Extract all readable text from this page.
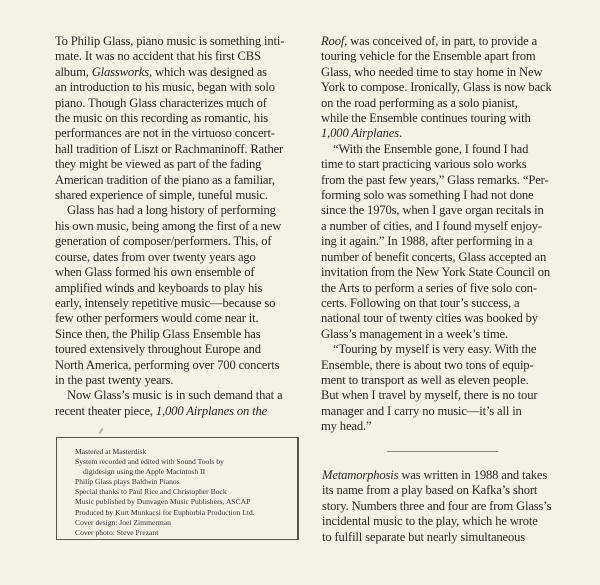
To Philip Glass, piano music is something inti-
mate. It was no accident that his first CBS
album, Glassworks, which was designed as
an introduction to his music, began with solo
piano. Though Glass characterizes much of
the music on this recording as romantic, his
performances are not in the virtuoso concert-
hall tradition of Liszt or Rachmaninoff. Rather
they might be viewed as part of the fading
American tradition of the piano as a familiar,
shared experience of simple, tuneful music.
Glass has had a long history of performing
his own music, being among the first of a new
generation of composer/performers. This, of
course, dates from over twenty years ago
when Glass formed his own ensemble of
amplified winds and keyboards to play his
early, intensely repetitive music—because so
few other performers would come near it.
Since then, the Philip Glass Ensemble has
toured extensively throughout Europe and
North America, performing over 700 concerts
in the past twenty years.
Now Glass’s music is in such demand that a
recent theater piece, 1,000 Airplanes on the
Mastered at Masterdisk
System recorded and edited with Sound Tools by
digidesign using the Apple Macintosh II
Philip Glass plays Baldwin Pianos
Special thanks to Paul Rice and Christopher Bock
Music published by Dunvagen Music Publishers, ASCAP
Produced by Kurt Munkacsi for Euphorbia Production Ltd.
Cover design: Joel Zimmerman
Cover photo: Steve Prezant
Roof, was conceived of, in part, to provide a
touring vehicle for the Ensemble apart from
Glass, who needed time to stay home in New
York to compose. Ironically, Glass is now back
on the road performing as a solo pianist,
while the Ensemble continues touring with
1,000 Airplanes.
“With the Ensemble gone, I found I had
time to start practicing various solo works
from the past few years,” Glass remarks. “Per-
forming solo was something I had not done
since the 1970s, when I gave organ recitals in
a number of cities, and I found myself enjoy-
ing it again.” In 1988, after performing in a
number of benefit concerts, Glass accepted an
invitation from the New York State Council on
the Arts to perform a series of five solo con-
certs. Following on that tour’s success, a
national tour of twenty cities was booked by
Glass’s management in a week’s time.
“Touring by myself is very easy. With the
Ensemble, there is about two tons of equip-
ment to transport as well as eleven people.
But when I travel by myself, there is no tour
manager and I carry no music—it’s all in
my head.”
Metamorphosis was written in 1988 and takes
its name from a play based on Kafka’s short
story. Numbers three and four are from Glass’s
incidental music to the play, which he wrote
to fulfill separate but nearly simultaneous
